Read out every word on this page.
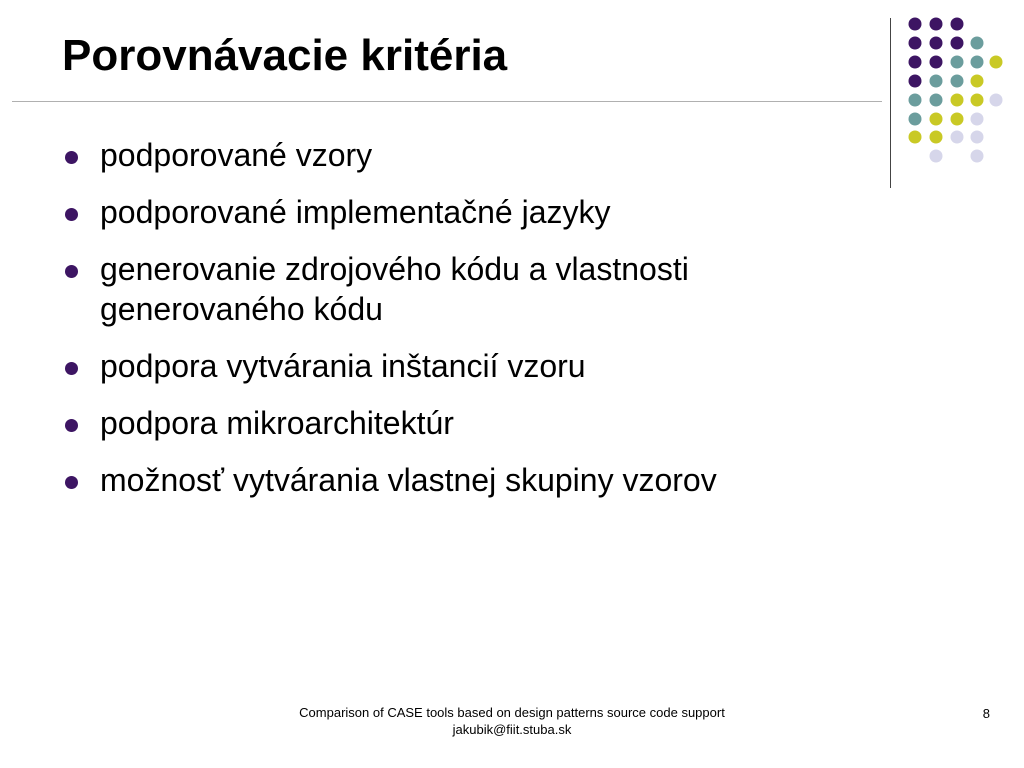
Porovnávacie kritéria
podporované vzory
podporované implementačné jazyky
generovanie zdrojového kódu a vlastnosti generovaného kódu
podpora vytvárania inštancií vzoru
podpora mikroarchitektúr
možnosť vytvárania vlastnej skupiny vzorov
Comparison of CASE tools based on design patterns source code support
jakubik@fiit.stuba.sk
8
